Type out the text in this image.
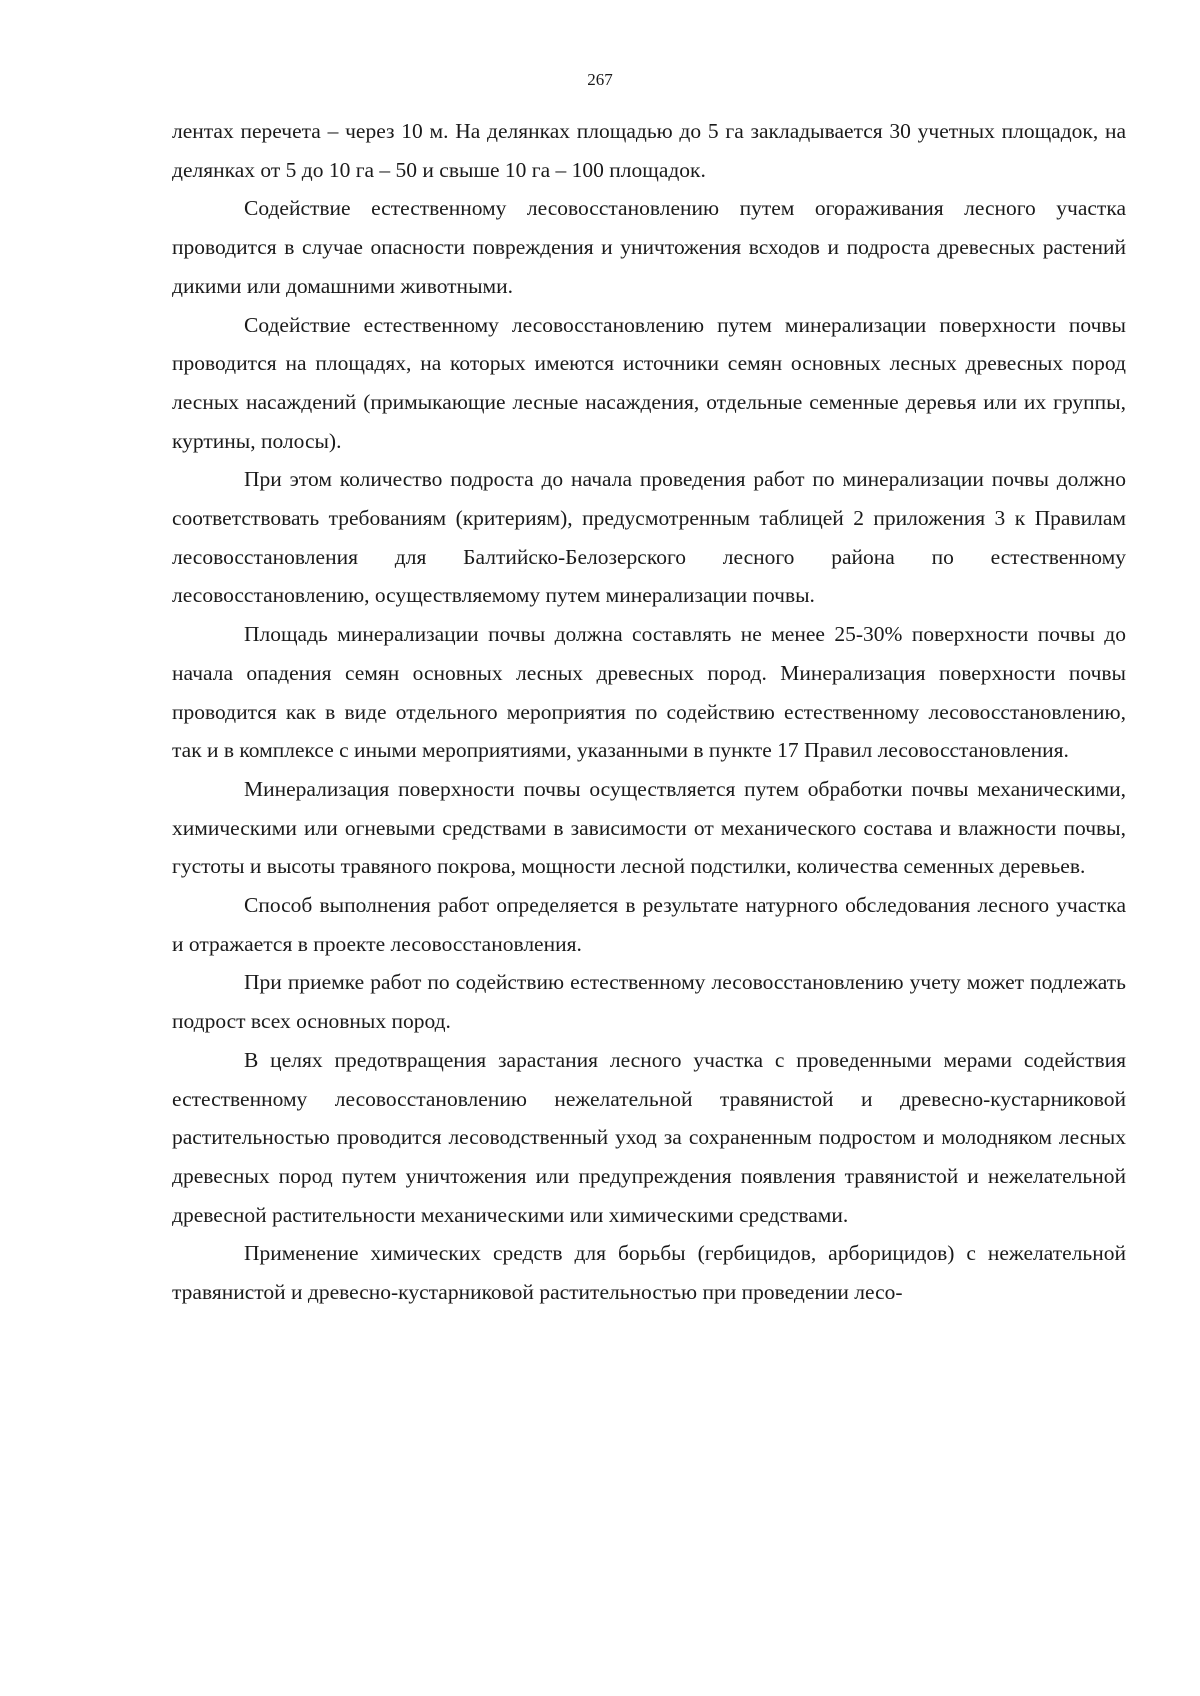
267

лентах перечета – через 10 м. На делянках площадью до 5 га закладывается 30 учетных площадок, на делянках от 5 до 10 га – 50 и свыше 10 га – 100 площадок.

Содействие естественному лесовосстановлению путем огораживания лесного участка проводится в случае опасности повреждения и уничтожения всходов и подроста древесных растений дикими или домашними животными.

Содействие естественному лесовосстановлению путем минерализации поверхности почвы проводится на площадях, на которых имеются источники семян основных лесных древесных пород лесных насаждений (примыкающие лесные насаждения, отдельные семенные деревья или их группы, куртины, полосы).

При этом количество подроста до начала проведения работ по минерализации почвы должно соответствовать требованиям (критериям), предусмотренным таблицей 2 приложения 3 к Правилам лесовосстановления для Балтийско-Белозерского лесного района по естественному лесовосстановлению, осуществляемому путем минерализации почвы.

Площадь минерализации почвы должна составлять не менее 25-30% поверхности почвы до начала опадения семян основных лесных древесных пород. Минерализация поверхности почвы проводится как в виде отдельного мероприятия по содействию естественному лесовосстановлению, так и в комплексе с иными мероприятиями, указанными в пункте 17 Правил лесовосстановления.

Минерализация поверхности почвы осуществляется путем обработки почвы механическими, химическими или огневыми средствами в зависимости от механического состава и влажности почвы, густоты и высоты травяного покрова, мощности лесной подстилки, количества семенных деревьев.

Способ выполнения работ определяется в результате натурного обследования лесного участка и отражается в проекте лесовосстановления.

При приемке работ по содействию естественному лесовосстановлению учету может подлежать подрост всех основных пород.

В целях предотвращения зарастания лесного участка с проведенными мерами содействия естественному лесовосстановлению нежелательной травянистой и древесно-кустарниковой растительностью проводится лесоводственный уход за сохраненным подростом и молодняком лесных древесных пород путем уничтожения или предупреждения появления травянистой и нежелательной древесной растительности механическими или химическими средствами.

Применение химических средств для борьбы (гербицидов, арборицидов) с нежелательной травянистой и древесно-кустарниковой растительностью при проведении лесо-
